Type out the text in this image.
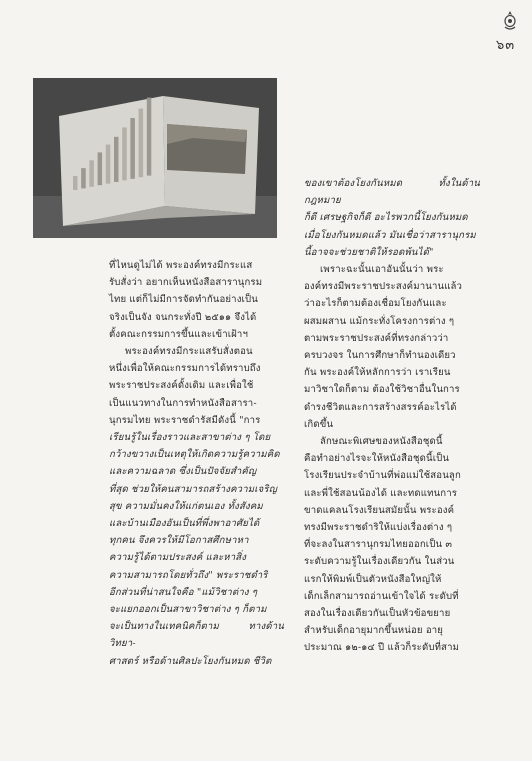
๖๓

ที่ไหนดูไม่ได้ พระองค์ทรงมีกระแส

รับสั่งว่า อยากเห็นหนังสือสารานุกรม

ไทย แต่ก็ไม่มีการจัดทำกันอย่างเป็น

จริงเป็นจัง จนกระทั่งปี ๒๕๑๑ จึงได้

ตั้งคณะกรรมการขึ้นและเข้าเฝ้าฯ

พระองค์ทรงมีกระแสรับสั่งตอน

หนึ่งเพื่อให้คณะกรรมการได้ทราบถึง

พระราชประสงค์ดั้งเดิม และเพื่อใช้

เป็นแนวทางในการทำหนังสือสารา-

นุกรมไทย พระราชดำรัสมีดังนี้ "การ

เรียนรู้ในเรื่องราวและสาขาต่าง ๆ โดย

กว้างขวางเป็นเหตุให้เกิดความรู้ความคิด

และความฉลาด ซึ่งเป็นปัจจัยสำคัญ

ที่สุด ช่วยให้คนสามารถสร้างความเจริญ

สุข ความมั่นคงให้แก่ตนเอง ทั้งสังคม

และบ้านเมืองอันเป็นที่พึ่งพาอาศัยได้

ทุกคน จึงควรให้มีโอกาสศึกษาหา

ความรู้ได้ตามประสงค์ และหาสิ่ง

ความสามารถโดยทั่วถึง" พระราชดำริ

อีกส่วนที่น่าสนใจคือ "แม้วิชาต่าง ๆ

จะแยกออกเป็นสาขาวิชาต่าง ๆ ก็ตาม

จะเป็นทางในเทคนิคก็ตาม ทางด้านวิทยา-

ศาสตร์ หรือด้านศิลปะโยงกันหมด ชีวิต

ของเขาต้องโยงกันหมด ทั้งในด้านกฎหมาย

ก็ดี เศรษฐกิจก็ดี อะไรพวกนี้โยงกันหมด

เมื่อโยงกันหมดแล้ว มันเชื่อว่าสารานุกรม

นี้อาจจะช่วยชาติให้รอดพ้นได้"

เพราะฉะนั้นเอาอันนั้นว่า พระ

องค์ทรงมีพระราชประสงค์มานานแล้ว

ว่าอะไรก็ตามต้องเชื่อมโยงกันและ

ผสมผสาน แม้กระทั่งโครงการต่าง ๆ

ตามพระราชประสงค์ที่ทรงกล่าวว่า

ครบวงจร ในการศึกษาก็ทำนองเดียว

กัน พระองค์ให้หลักการว่า เราเรียน

มาวิชาใดก็ตาม ต้องใช้วิชาอื่นในการ

ดำรงชีวิตและการสร้างสรรค์อะไรได้

เกิดขึ้น

ลักษณะพิเศษของหนังสือชุดนี้

คือทำอย่างไรจะให้หนังสือชุดนี้เป็น

โรงเรียนประจำบ้านที่พ่อแม่ใช้สอนลูก

และพี่ใช้สอนน้องได้ และทดแทนการ

ขาดแคลนโรงเรียนสมัยนั้น พระองค์

ทรงมีพระราชดำริให้แบ่งเรื่องต่าง ๆ

ที่จะลงในสารานุกรมไทยออกเป็น ๓

ระดับความรู้ในเรื่องเดียวกัน ในส่วน

แรกให้พิมพ์เป็นตัวหนังสือใหญ่ให้

เด็กเล็กสามารถอ่านเข้าใจได้ ระดับที่

สองในเรื่องเดียวกันเป็นหัวข้อขยาย

สำหรับเด็กอายุมากขึ้นหน่อย อายุ

ประมาณ ๑๒-๑๔ ปี แล้วก็ระดับที่สาม
